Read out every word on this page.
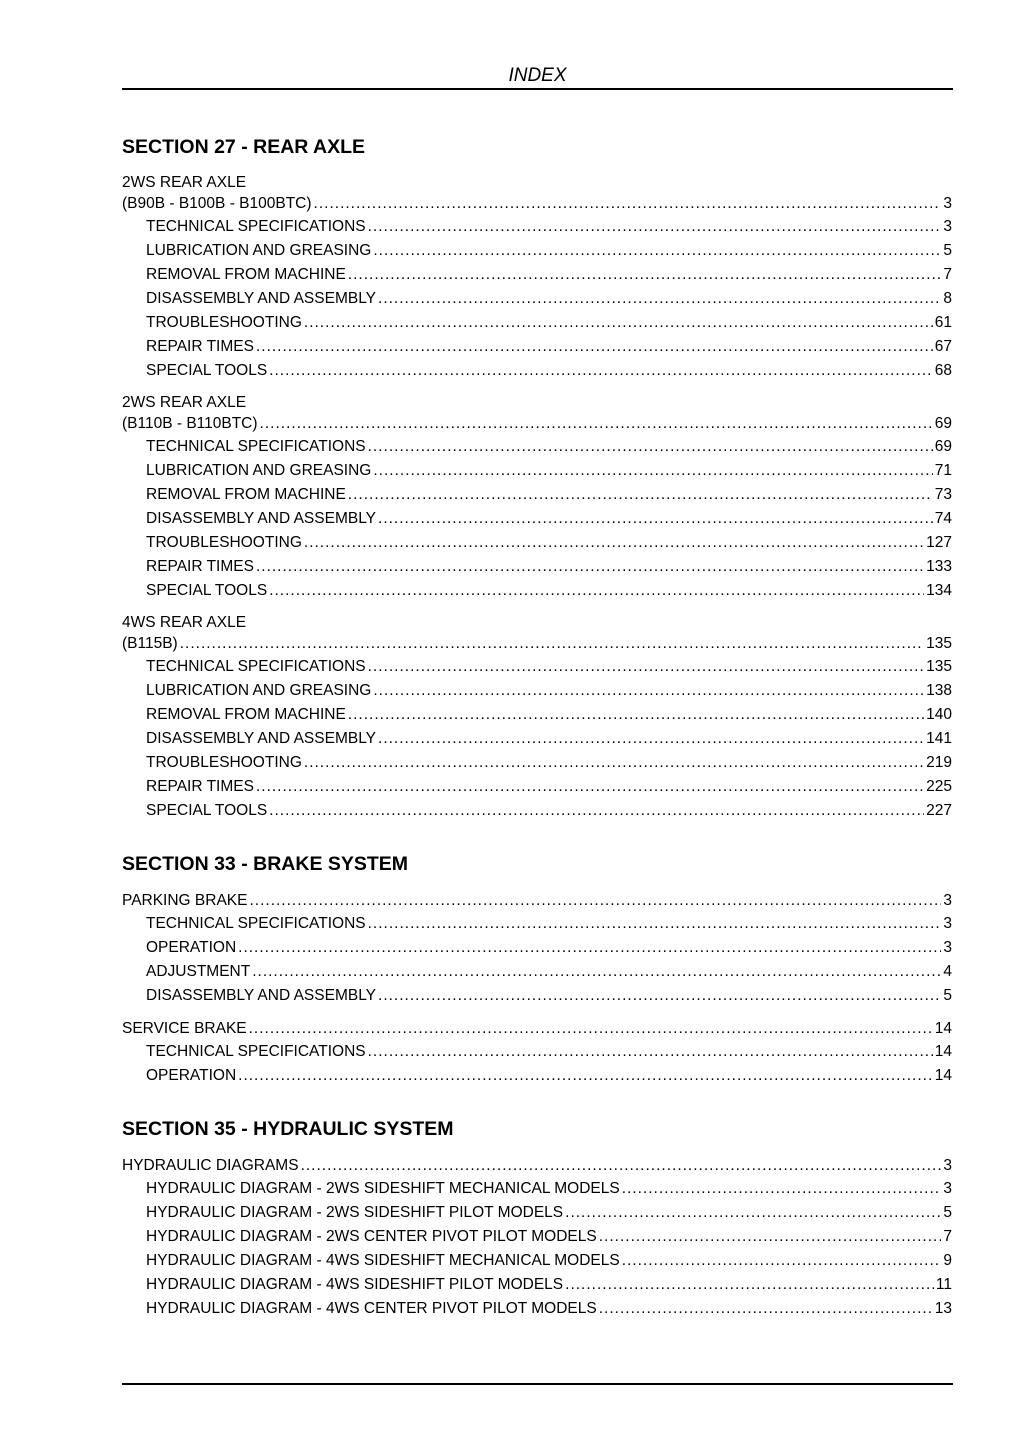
INDEX
SECTION 27 - REAR AXLE
2WS REAR AXLE
(B90B - B100B - B100BTC) .....	3
TECHNICAL SPECIFICATIONS .....	3
LUBRICATION AND GREASING .....	5
REMOVAL FROM MACHINE .....	7
DISASSEMBLY AND ASSEMBLY .....	8
TROUBLESHOOTING .....	61
REPAIR TIMES .....	67
SPECIAL TOOLS .....	68
2WS REAR AXLE
(B110B - B110BTC) .....	69
TECHNICAL SPECIFICATIONS .....	69
LUBRICATION AND GREASING .....	71
REMOVAL FROM MACHINE .....	73
DISASSEMBLY AND ASSEMBLY .....	74
TROUBLESHOOTING .....	127
REPAIR TIMES .....	133
SPECIAL TOOLS .....	134
4WS REAR AXLE
(B115B) .....	135
TECHNICAL SPECIFICATIONS .....	135
LUBRICATION AND GREASING .....	138
REMOVAL FROM MACHINE .....	140
DISASSEMBLY AND ASSEMBLY .....	141
TROUBLESHOOTING .....	219
REPAIR TIMES .....	225
SPECIAL TOOLS .....	227
SECTION 33 - BRAKE SYSTEM
PARKING BRAKE .....	3
TECHNICAL SPECIFICATIONS .....	3
OPERATION .....	3
ADJUSTMENT .....	4
DISASSEMBLY AND ASSEMBLY .....	5
SERVICE BRAKE .....	14
TECHNICAL SPECIFICATIONS .....	14
OPERATION .....	14
SECTION 35 - HYDRAULIC SYSTEM
HYDRAULIC DIAGRAMS .....	3
HYDRAULIC DIAGRAM - 2WS SIDESHIFT MECHANICAL MODELS .....	3
HYDRAULIC DIAGRAM - 2WS SIDESHIFT PILOT MODELS .....	5
HYDRAULIC DIAGRAM - 2WS CENTER PIVOT PILOT MODELS .....	7
HYDRAULIC DIAGRAM - 4WS SIDESHIFT MECHANICAL MODELS .....	9
HYDRAULIC DIAGRAM - 4WS SIDESHIFT PILOT MODELS .....	11
HYDRAULIC DIAGRAM - 4WS CENTER PIVOT PILOT MODELS .....	13
